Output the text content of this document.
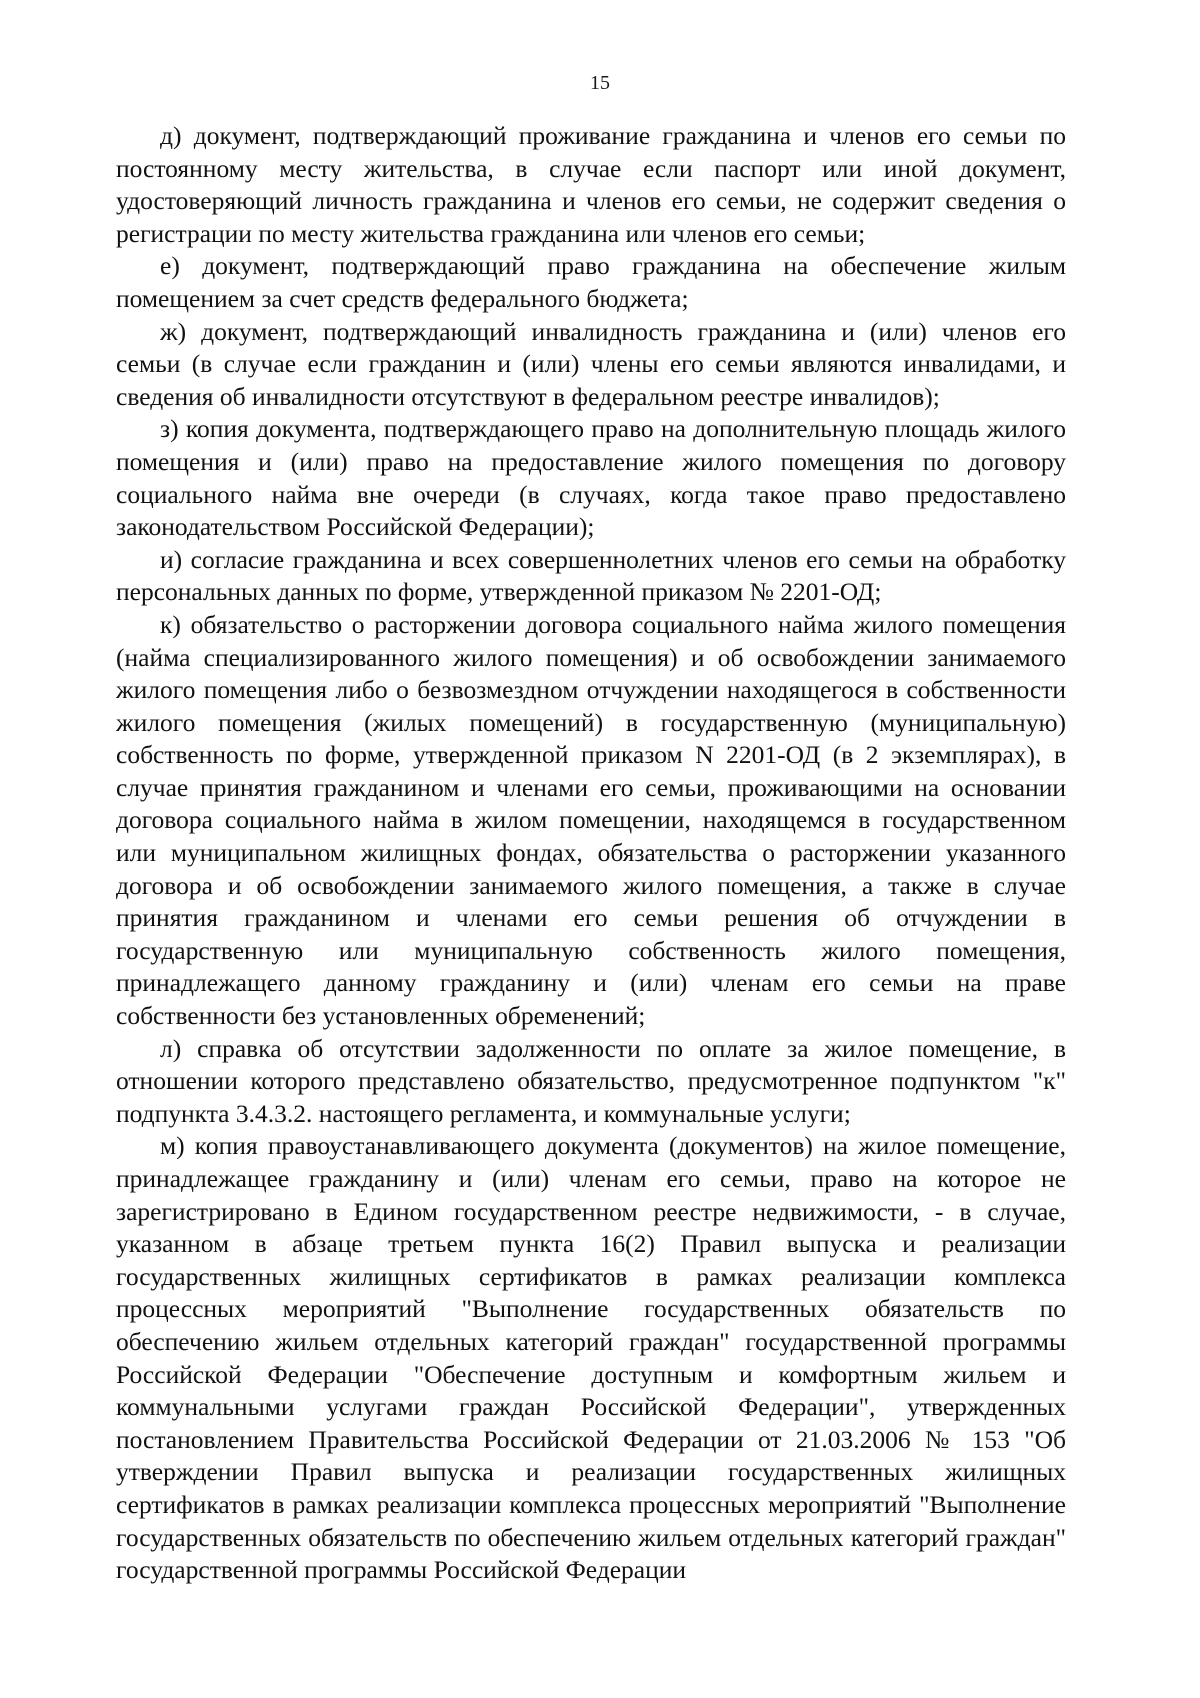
15

д) документ, подтверждающий проживание гражданина и членов его семьи по постоянному месту жительства, в случае если паспорт или иной документ, удостоверяющий личность гражданина и членов его семьи, не содержит сведения о регистрации по месту жительства гражданина или членов его семьи;

е) документ, подтверждающий право гражданина на обеспечение жилым помещением за счет средств федерального бюджета;

ж) документ, подтверждающий инвалидность гражданина и (или) членов его семьи (в случае если гражданин и (или) члены его семьи являются инвалидами, и сведения об инвалидности отсутствуют в федеральном реестре инвалидов);

з) копия документа, подтверждающего право на дополнительную площадь жилого помещения и (или) право на предоставление жилого помещения по договору социального найма вне очереди (в случаях, когда такое право предоставлено законодательством Российской Федерации);

и) согласие гражданина и всех совершеннолетних членов его семьи на обработку персональных данных по форме, утвержденной приказом № 2201-ОД;

к) обязательство о расторжении договора социального найма жилого помещения (найма специализированного жилого помещения) и об освобождении занимаемого жилого помещения либо о безвозмездном отчуждении находящегося в собственности жилого помещения (жилых помещений) в государственную (муниципальную) собственность по форме, утвержденной приказом N 2201-ОД (в 2 экземплярах), в случае принятия гражданином и членами его семьи, проживающими на основании договора социального найма в жилом помещении, находящемся в государственном или муниципальном жилищных фондах, обязательства о расторжении указанного договора и об освобождении занимаемого жилого помещения, а также в случае принятия гражданином и членами его семьи решения об отчуждении в государственную или муниципальную собственность жилого помещения, принадлежащего данному гражданину и (или) членам его семьи на праве собственности без установленных обременений;

л) справка об отсутствии задолженности по оплате за жилое помещение, в отношении которого представлено обязательство, предусмотренное подпунктом "к" подпункта 3.4.3.2. настоящего регламента, и коммунальные услуги;

м) копия правоустанавливающего документа (документов) на жилое помещение, принадлежащее гражданину и (или) членам его семьи, право на которое не зарегистрировано в Едином государственном реестре недвижимости, - в случае, указанном в абзаце третьем пункта 16(2) Правил выпуска и реализации государственных жилищных сертификатов в рамках реализации комплекса процессных мероприятий "Выполнение государственных обязательств по обеспечению жильем отдельных категорий граждан" государственной программы Российской Федерации "Обеспечение доступным и комфортным жильем и коммунальными услугами граждан Российской Федерации", утвержденных постановлением Правительства Российской Федерации от 21.03.2006 № 153 "Об утверждении Правил выпуска и реализации государственных жилищных сертификатов в рамках реализации комплекса процессных мероприятий "Выполнение государственных обязательств по обеспечению жильем отдельных категорий граждан" государственной программы Российской Федерации
